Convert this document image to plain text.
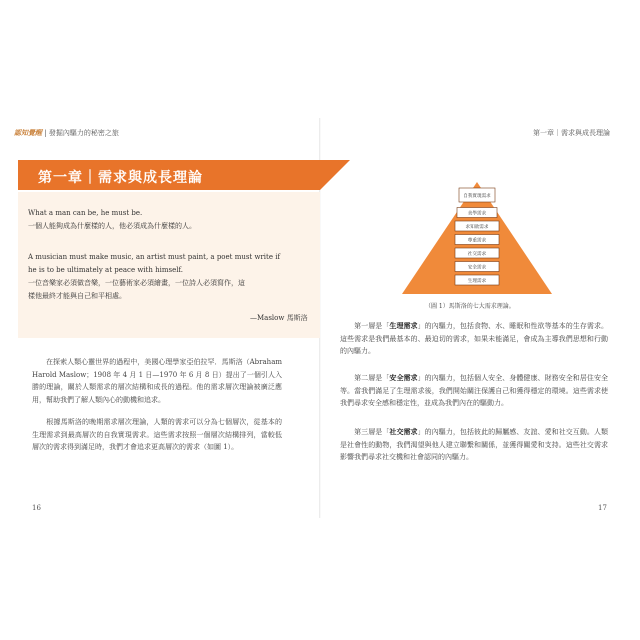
認知覺醒 | 發掘內驅力的秘密之旅	第一章｜需求與成長理論
第一章｜需求與成長理論
What a man can be, he must be.
一個人能夠成為什麼樣的人，他必須成為什麼樣的人。
A musician must make music, an artist must paint, a poet must write if
he is to be ultimately at peace with himself.
一位音樂家必須做音樂，一位藝術家必須繪畫，一位詩人必須寫作，這
樣他最終才能與自己和平相處。
—Maslow 馬斯洛
　　在探索人類心靈世界的過程中，美國心理學家亞伯拉罕．馬斯洛（Abraham Harold Maslow；1908 年 4 月 1 日—1970 年 6 月 8 日）提出了一個引人入勝的理論，關於人類需求的層次結構和成長的過程。他的需求層次理論被廣泛應用，幫助我們了解人類內心的動機和追求。
　　根據馬斯洛的晚期需求層次理論，人類的需求可以分為七個層次，從基本的生理需求到最高層次的自我實現需求。這些需求按照一個層次結構排列，當較低層次的需求得到滿足時，我們才會追求更高層次的需求（如圖 1）。
16	17
自我實現需求
美學需求
求知欲需求
尊重需求
社交需求
安全需求
生理需求
（圖 1）馬斯洛的七大需求理論。
　　第一層是「生理需求」的內驅力，包括食物、水、睡眠和性欲等基本的生存需求。這些需求是我們最基本的、最迫切的需求，如果未能滿足，會成為主導我們思想和行動的內驅力。
　　第二層是「安全需求」的內驅力，包括個人安全、身體健康、財務安全和居住安全等。當我們滿足了生理需求後，我們開始關注保護自己和獲得穩定的環境。這些需求使我們尋求安全感和穩定性，並成為我們內在的驅動力。
　　第三層是「社交需求」的內驅力，包括彼此的歸屬感、友誼、愛和社交互動。人類是社會性的動物，我們渴望與他人建立聯繫和關係，並獲得關愛和支持。這些社交需求影響我們尋求社交機和社會認同的內驅力。
